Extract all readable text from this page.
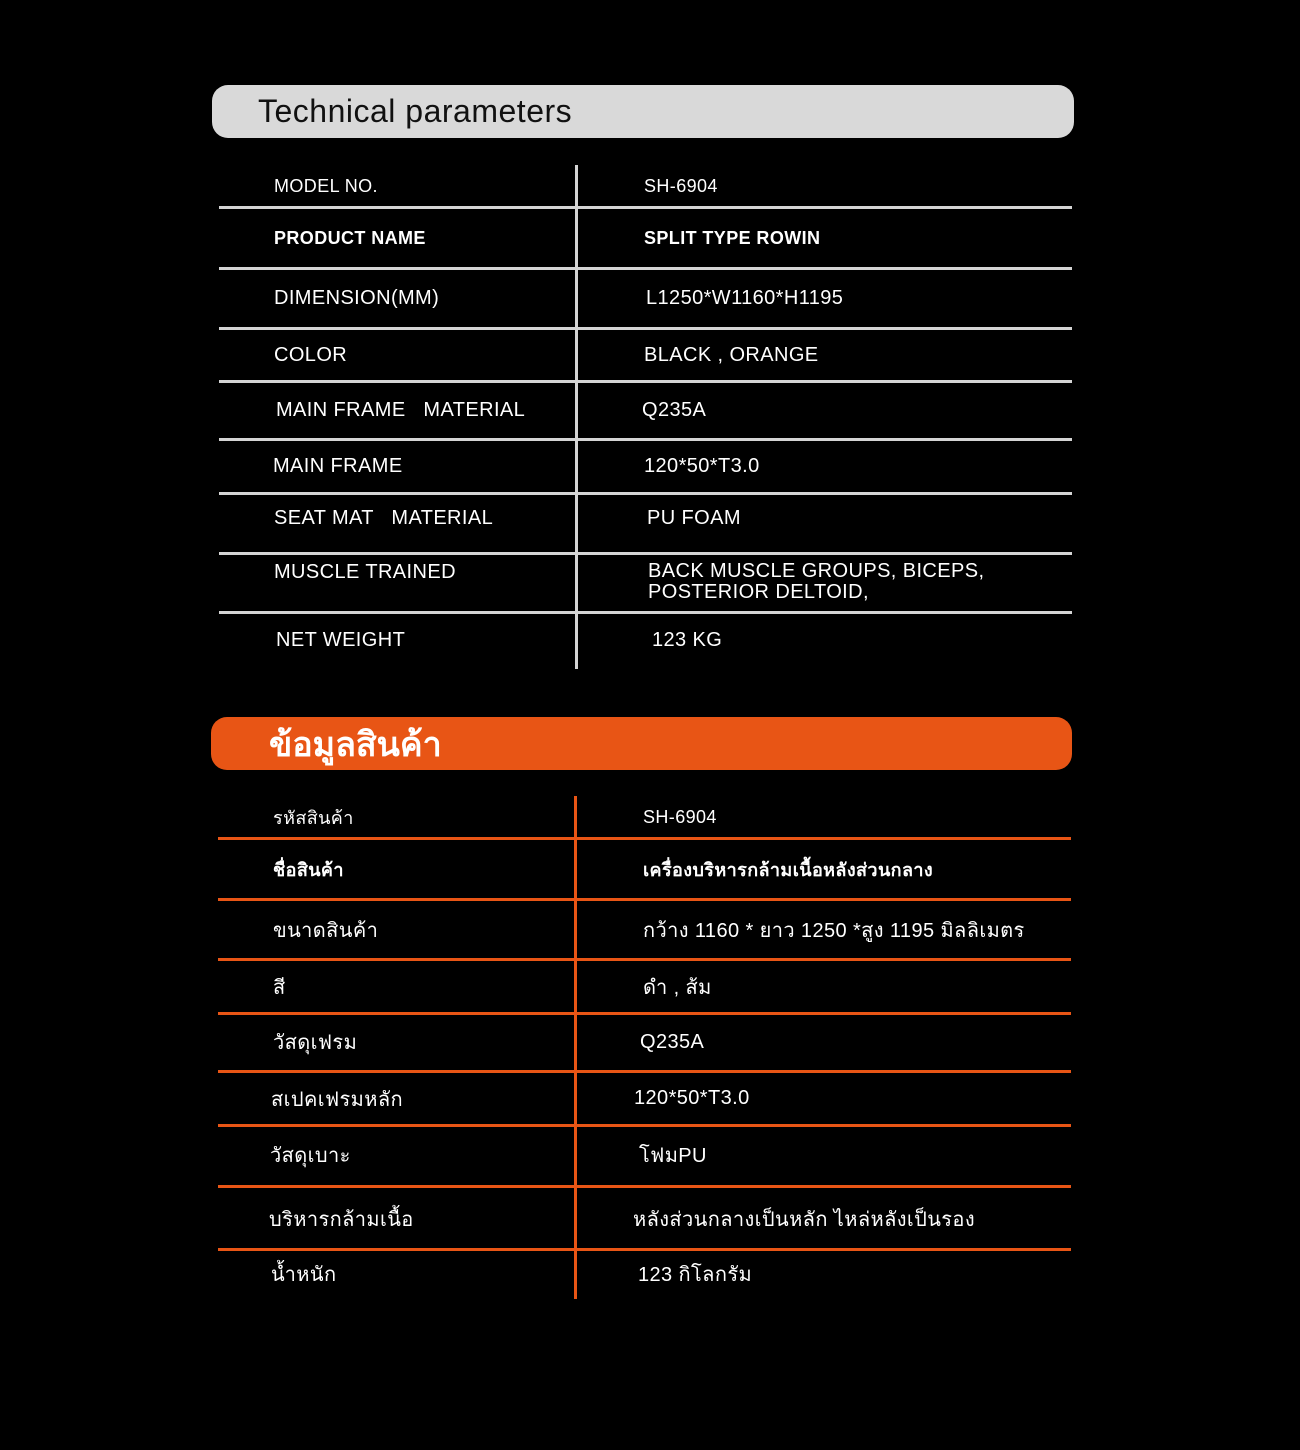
Technical parameters
MODEL NO.	SH-6904
PRODUCT NAME	SPLIT TYPE ROWIN
DIMENSION(MM)	L1250*W1160*H1195
COLOR	BLACK , ORANGE
MAIN FRAME   MATERIAL	Q235A
MAIN FRAME	120*50*T3.0
SEAT MAT   MATERIAL	PU FOAM
MUSCLE TRAINED	BACK MUSCLE GROUPS, BICEPS,
POSTERIOR DELTOID,
NET WEIGHT	123 KG
ข้อมูลสินค้า
รหัสสินค้า	SH-6904
ชื่อสินค้า	เครื่องบริหารกล้ามเนื้อหลังส่วนกลาง
ขนาดสินค้า	กว้าง 1160 * ยาว 1250 *สูง 1195 มิลลิเมตร
สี	ดำ , ส้ม
วัสดุเฟรม	Q235A
สเปคเฟรมหลัก	120*50*T3.0
วัสดุเบาะ	โฟมPU
บริหารกล้ามเนื้อ	หลังส่วนกลางเป็นหลัก ไหล่หลังเป็นรอง
น้ำหนัก	123 กิโลกรัม
